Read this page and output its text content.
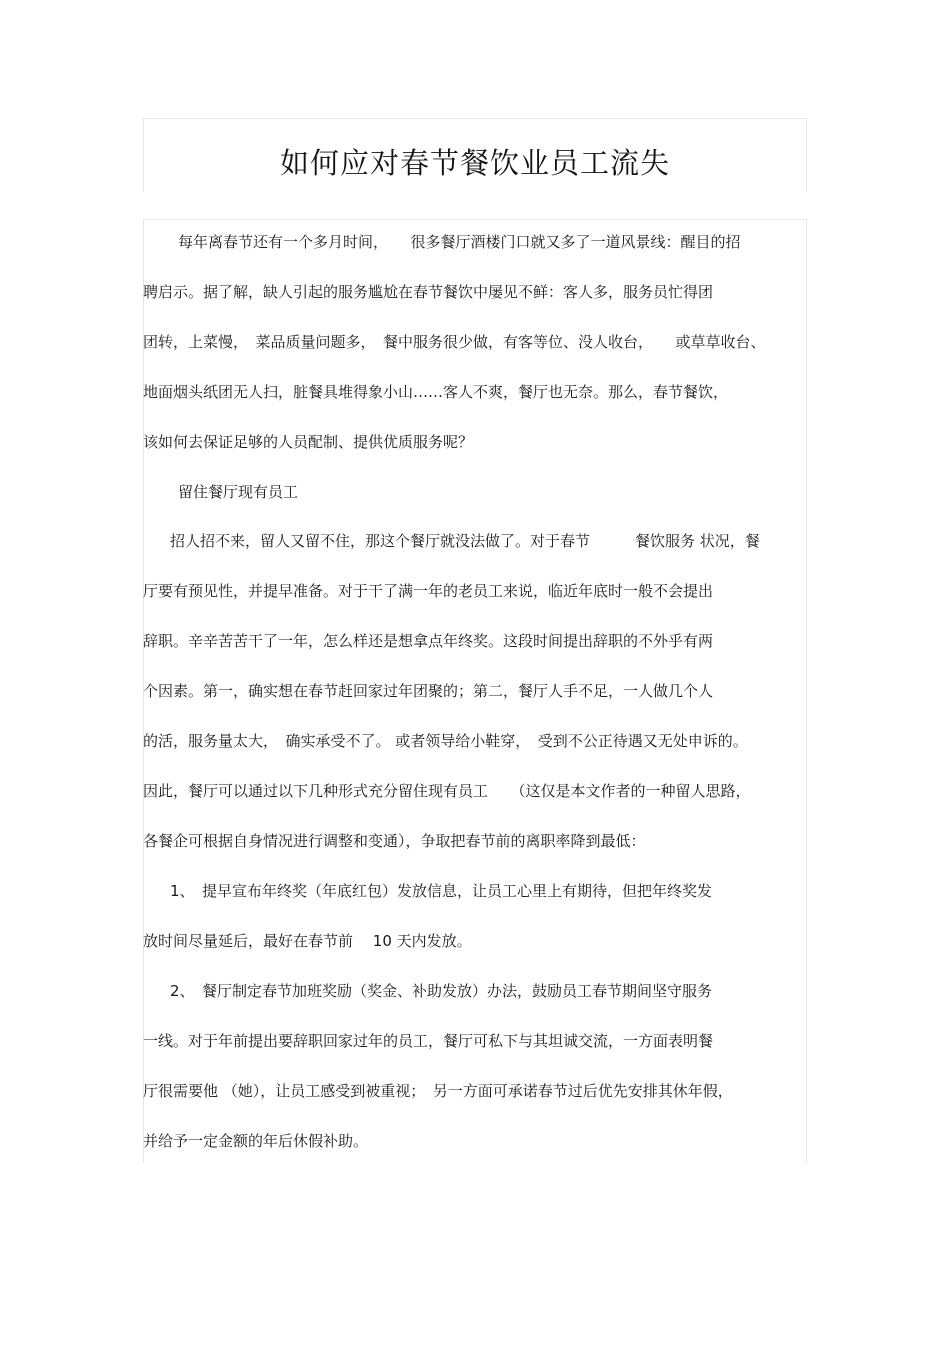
如何应对春节餐饮业员工流失
每年离春节还有一个多月时间，　　很多餐厅酒楼门口就又多了一道风景线：醒目的招
聘启示。据了解，缺人引起的服务尴尬在春节餐饮中屡见不鲜：客人多，服务员忙得团
团转，上菜慢，　菜品质量问题多，　餐中服务很少做，有客等位、没人收台，　　或草草收台、
地面烟头纸团无人扫，脏餐具堆得象小山……客人不爽，餐厅也无奈。那么，春节餐饮，
该如何去保证足够的人员配制、提供优质服务呢？
留住餐厅现有员工
招人招不来，留人又留不住，那这个餐厅就没法做了。对于春节　　　餐饮服务 状况，餐
厅要有预见性，并提早准备。对于干了满一年的老员工来说，临近年底时一般不会提出
辞职。辛辛苦苦干了一年，怎么样还是想拿点年终奖。这段时间提出辞职的不外乎有两
个因素。第一，确实想在春节赶回家过年团聚的；第二，餐厅人手不足，一人做几个人
的活，服务量太大，　确实承受不了。 或者领导给小鞋穿，　受到不公正待遇又无处申诉的。
因此，餐厅可以通过以下几种形式充分留住现有员工　　（这仅是本文作者的一种留人思路，
各餐企可根据自身情况进行调整和变通），争取把春节前的离职率降到最低：
1、　提早宣布年终奖（年底红包）发放信息，让员工心里上有期待，但把年终奖发
放时间尽量延后，最好在春节前　 10 天内发放。
2、　餐厅制定春节加班奖励（奖金、补助发放）办法，鼓励员工春节期间坚守服务
一线。对于年前提出要辞职回家过年的员工，餐厅可私下与其坦诚交流，一方面表明餐
厅很需要他 （她），让员工感受到被重视；　另一方面可承诺春节过后优先安排其休年假，
并给予一定金额的年后休假补助。
